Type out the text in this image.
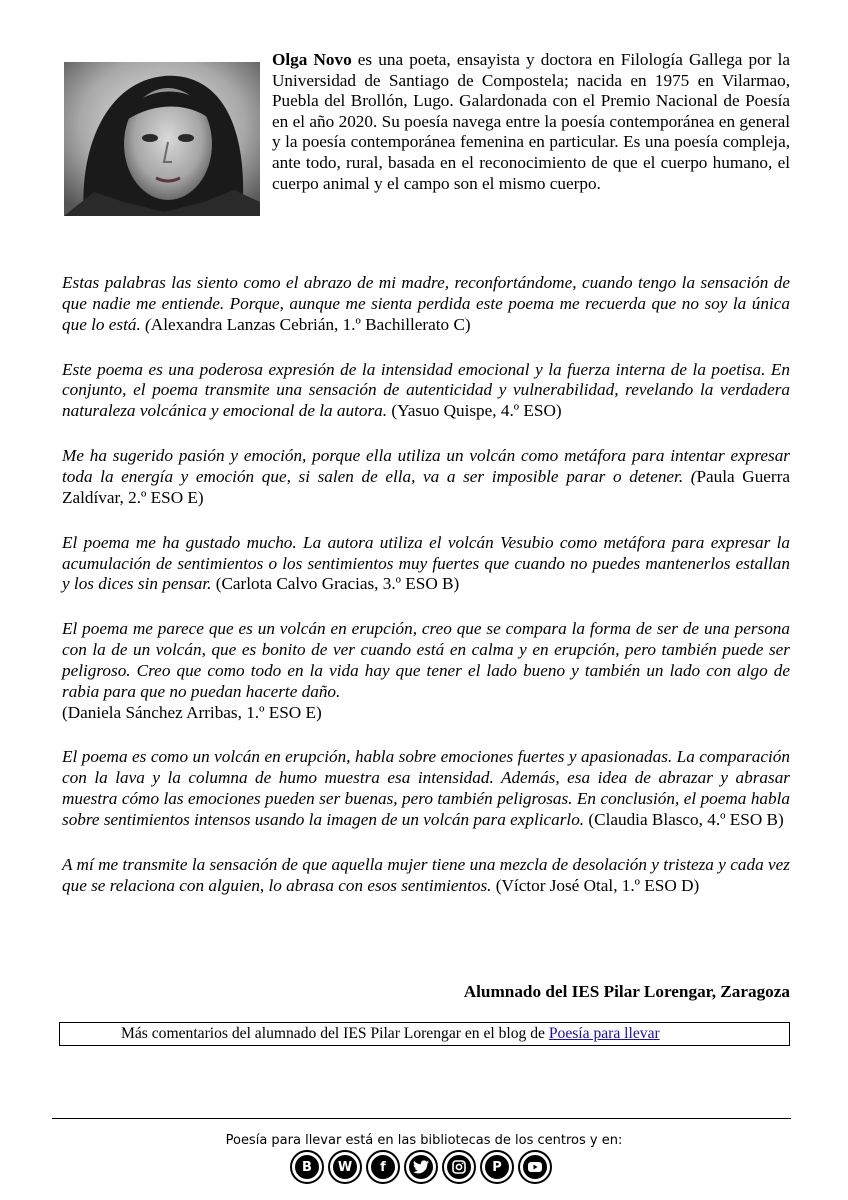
Olga Novo es una poeta, ensayista y doctora en Filología Gallega por la Universidad de Santiago de Compostela; nacida en 1975 en Vilarmao, Puebla del Brollón, Lugo. Galardonada con el Premio Nacional de Poesía en el año 2020. Su poesía navega entre la poesía contemporánea en general y la poesía contemporánea femenina en particular. Es una poesía compleja, ante todo, rural, basada en el reconocimiento de que el cuerpo humano, el cuerpo animal y el campo son el mismo cuerpo.

Estas palabras las siento como el abrazo de mi madre, reconfortándome, cuando tengo la sensación de que nadie me entiende. Porque, aunque me sienta perdida este poema me recuerda que no soy la única que lo está. (Alexandra Lanzas Cebrián, 1.º Bachillerato C)

Este poema es una poderosa expresión de la intensidad emocional y la fuerza interna de la poetisa. En conjunto, el poema transmite una sensación de autenticidad y vulnerabilidad, revelando la verdadera naturaleza volcánica y emocional de la autora. (Yasuo Quispe, 4.º ESO)

Me ha sugerido pasión y emoción, porque ella utiliza un volcán como metáfora para intentar expresar toda la energía y emoción que, si salen de ella, va a ser imposible parar o detener. (Paula Guerra Zaldívar, 2.º ESO E)

El poema me ha gustado mucho. La autora utiliza el volcán Vesubio como metáfora para expresar la acumulación de sentimientos o los sentimientos muy fuertes que cuando no puedes mantenerlos estallan y los dices sin pensar. (Carlota Calvo Gracias, 3.º ESO B)

El poema me parece que es un volcán en erupción, creo que se compara la forma de ser de una persona con la de un volcán, que es bonito de ver cuando está en calma y en erupción, pero también puede ser peligroso. Creo que como todo en la vida hay que tener el lado bueno y también un lado con algo de rabia para que no puedan hacerte daño.
(Daniela Sánchez Arribas, 1.º ESO E)

El poema es como un volcán en erupción, habla sobre emociones fuertes y apasionadas. La comparación con la lava y la columna de humo muestra esa intensidad. Además, esa idea de abrazar y abrasar muestra cómo las emociones pueden ser buenas, pero también peligrosas. En conclusión, el poema habla sobre sentimientos intensos usando la imagen de un volcán para explicarlo. (Claudia Blasco, 4.º ESO B)

A mí me transmite la sensación de que aquella mujer tiene una mezcla de desolación y tristeza y cada vez que se relaciona con alguien, lo abrasa con esos sentimientos. (Víctor José Otal, 1.º ESO D)

Alumnado del IES Pilar Lorengar, Zaragoza
Más comentarios del alumnado del IES Pilar Lorengar en el blog de Poesía para llevar
Poesía para llevar está en las bibliotecas de los centros y en:
B	W	f	P
